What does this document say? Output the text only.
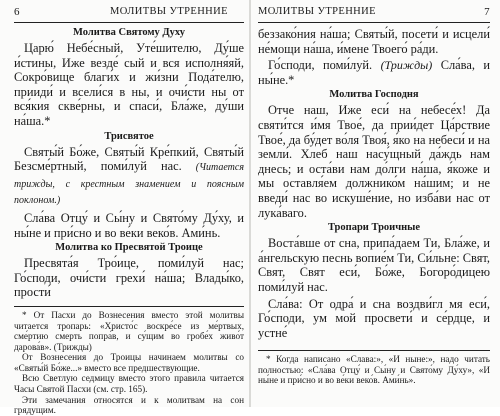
6	МОЛИТВЫ УТРЕННИЕ
Молитва Святому Духу

Царю́ Небе́сный, Уте́шителю, Ду́ше и́стины, Иже везде́ сый и вся исполня́яй, Сокро́вище благи́х и жи́зни Пода́телю, прииди́ и всели́ся в ны, и очи́сти ны от вся́кия скве́рны, и спаси́, Бла́же, ду́ши на́ша.*

Трисвятое

Святы́й Бо́же, Святы́й Кре́пкий, Святы́й Безсме́ртный, поми́луй нас. (Читается трижды, с крестным знамением и поясным поклоном.)

Сла́ва Отцу́ и Сы́ну и Свято́му Ду́ху, и ны́не и при́сно и во ве́ки веко́в. Ами́нь.

Молитва ко Пресвятой Троице

Пресвята́я Тро́ице, поми́луй нас; Го́споди, очи́сти грехи́ на́ша; Влады́ко, прости́

* От Пасхи до Вознесения вместо этой молитвы читается тропарь: «Христо́с воскре́се из ме́ртвых, сме́ртию смерть попра́в, и су́щим во гробе́х живо́т дарова́в». (Трижды)

От Вознесения до Троицы начинаем молитвы со «Святы́й Бо́же...» вместо все предшествующие.

Всю Светлую седмицу вместо этого правила читается Часы Святой Пасхи (см. стр. 165).

Эти замечания относятся и к молитвам на сон грядущим.

МОЛИТВЫ УТРЕННИЕ	7

беззако́ния на́ша; Святы́й, посети́ и исцели́ не́мощи на́ша, и́мене Твоего́ ра́ди.

Го́споди, поми́луй. (Трижды) Сла́ва, и ны́не.*

Молитва Господня

Отче наш, Иже еси́ на небесе́х! Да святи́тся и́мя Твое́, да прии́дет Ца́рствие Твое́, да бу́дет во́ля Твоя́, я́ко на небеси́ и на земли́. Хлеб наш насу́щный да́ждь нам днесь; и оста́ви нам до́лги на́ша, я́коже и мы оставля́ем должнико́м на́шим; и не введи́ нас во искуше́ние, но изба́ви нас от лука́ваго.

Тропари Троичные

Воста́вше от сна, припа́даем Ти, Бла́же, и а́нгельскую песнь вопие́м Ти, Си́льне: Свят, Свят, Свят еси́, Бо́же, Богоро́дицею поми́луй нас.

Сла́ва: От одра́ и сна воздви́гл мя еси́, Го́споди, ум мой просвети́ и се́рдце, и устне́

* Когда написано «Слава:», «И ныне:», надо читать полностью: «Сла́ва Отцу́ и Сы́ну и Свято́му Ду́ху», «И ны́не и при́сно и во ве́ки веко́в. Ами́нь».
